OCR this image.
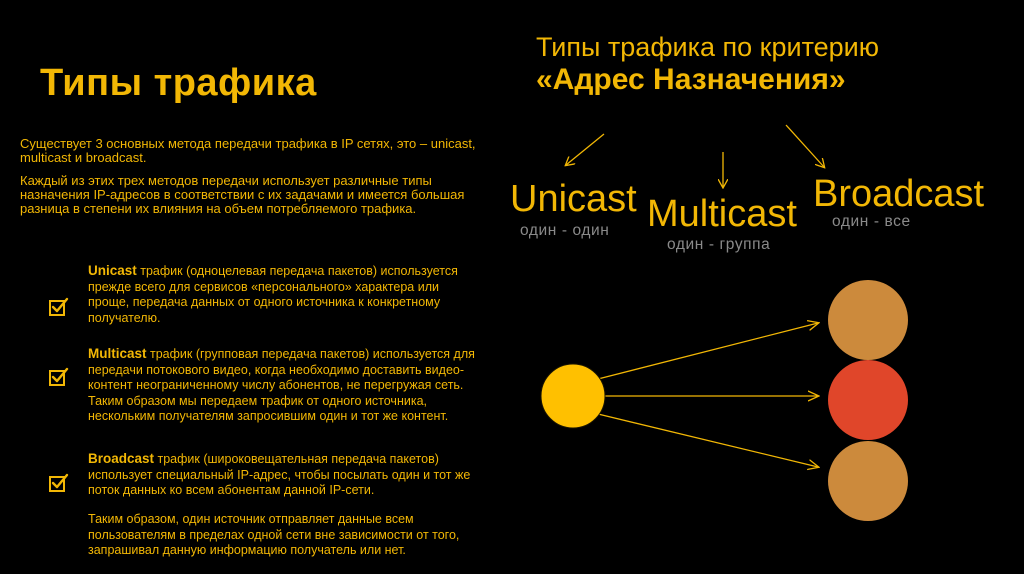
Типы трафика
Типы трафика по критерию
«Адрес Назначения»
Существует 3 основных метода передачи трафика в IP сетях, это – unicast, multicast и broadcast.
Каждый из этих трех методов передачи использует различные типы назначения IP-адресов в соответствии с их задачами и имеется большая разница в степени их влияния на объем потребляемого трафика.
Unicast трафик (одноцелевая передача пакетов) используется прежде всего для сервисов «персонального» характера или проще, передача данных от одного источника к конкретному получателю.
Multicast трафик (групповая передача пакетов) используется для передачи потокового видео, когда необходимо доставить видео-контент неограниченному числу абонентов, не перегружая сеть. Таким образом мы передаем трафик от одного источника, нескольким получателям запросившим один и тот же контент.
Broadcast трафик (широковещательная передача пакетов) использует специальный IP-адрес, чтобы посылать один и тот же поток данных ко всем абонентам данной IP-сети.
Таким образом, один источник отправляет данные всем пользователям в пределах одной сети вне зависимости от того, запрашивал данную информацию получатель или нет.
Unicast
один - один Multicast
один - группа
Broadcast
один - все
